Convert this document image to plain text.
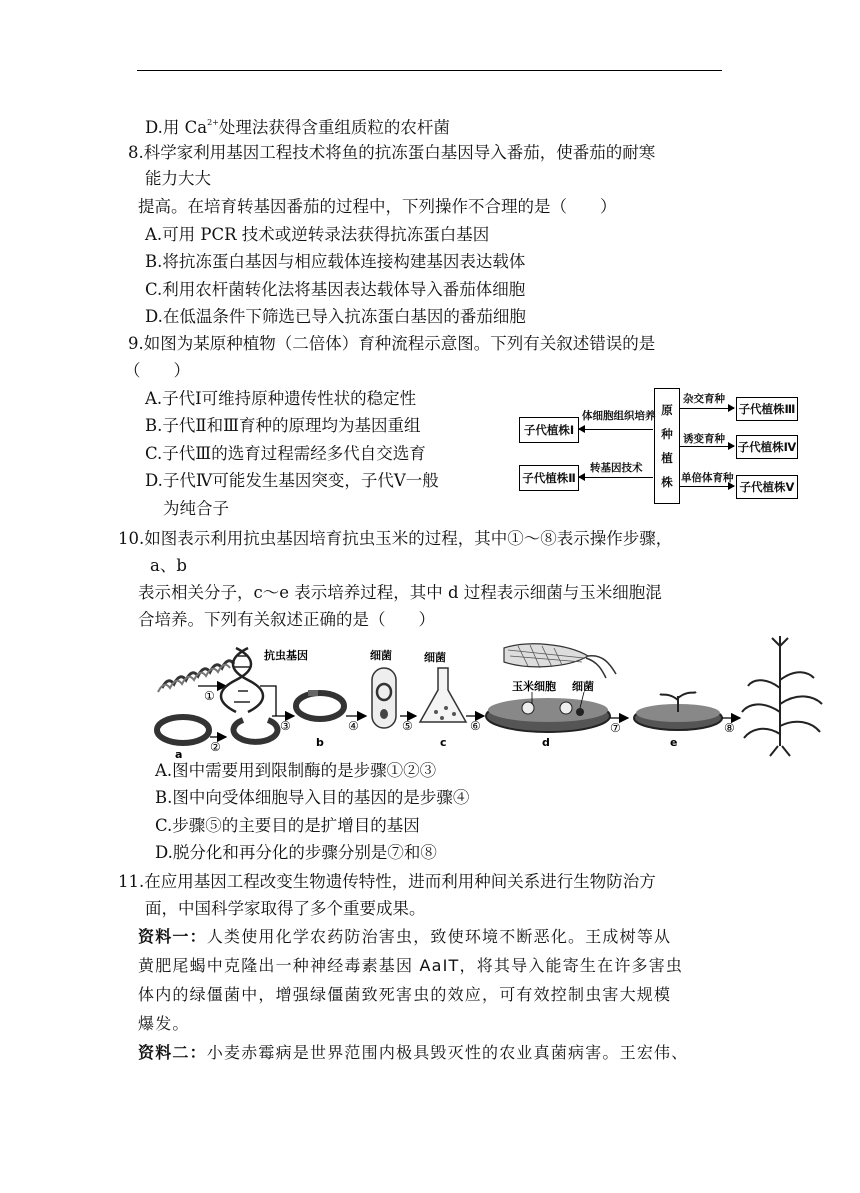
D.用 $Ca^{2+}$处理法获得含重组质粒的农杆菌
8.科学家利用基因工程技术将鱼的抗冻蛋白基因导入番茄，使番茄的耐寒
能力大大
提高。在培育转基因番茄的过程中，下列操作不合理的是（　　）
A.可用 PCR 技术或逆转录法获得抗冻蛋白基因
B.将抗冻蛋白基因与相应载体连接构建基因表达载体
C.利用农杆菌转化法将基因表达载体导入番茄体细胞
D.在低温条件下筛选已导入抗冻蛋白基因的番茄细胞
9.如图为某原种植物（二倍体）育种流程示意图。下列有关叙述错误的是
（　　）
A.子代Ⅰ可维持原种遗传性状的稳定性
B.子代Ⅱ和Ⅲ育种的原理均为基因重组
C.子代Ⅲ的选育过程需经多代自交选育
D.子代Ⅳ可能发生基因突变，子代Ⅴ一般
为纯合子
原
种
植
株
子代植株Ⅰ
子代植株Ⅱ
子代植株Ⅲ
子代植株Ⅳ
子代植株Ⅴ
体细胞组织培养
转基因技术
杂交育种
诱变育种
单倍体育种
10.如图表示利用抗虫基因培育抗虫玉米的过程，其中①～⑧表示操作步骤，
a、b
表示相关分子，c～e 表示培养过程，其中 d 过程表示细菌与玉米细胞混
合培养。下列有关叙述正确的是（　　）
①
抗虫基因
a
②
③
b
④
细菌
⑤
细菌
c
⑥
玉米细胞 细菌
d
⑦
e
⑧
A.图中需要用到限制酶的是步骤①②③
B.图中向受体细胞导入目的基因的是步骤④
C.步骤⑤的主要目的是扩增目的基因
D.脱分化和再分化的步骤分别是⑦和⑧
11.在应用基因工程改变生物遗传特性，进而利用种间关系进行生物防治方
面，中国科学家取得了多个重要成果。
资料一：人类使用化学农药防治害虫，致使环境不断恶化。王成树等从
黄肥尾蝎中克隆出一种神经毒素基因 AaIT，将其导入能寄生在许多害虫
体内的绿僵菌中，增强绿僵菌致死害虫的效应，可有效控制虫害大规模
爆发。
资料二：小麦赤霉病是世界范围内极具毁灭性的农业真菌病害。王宏伟、
